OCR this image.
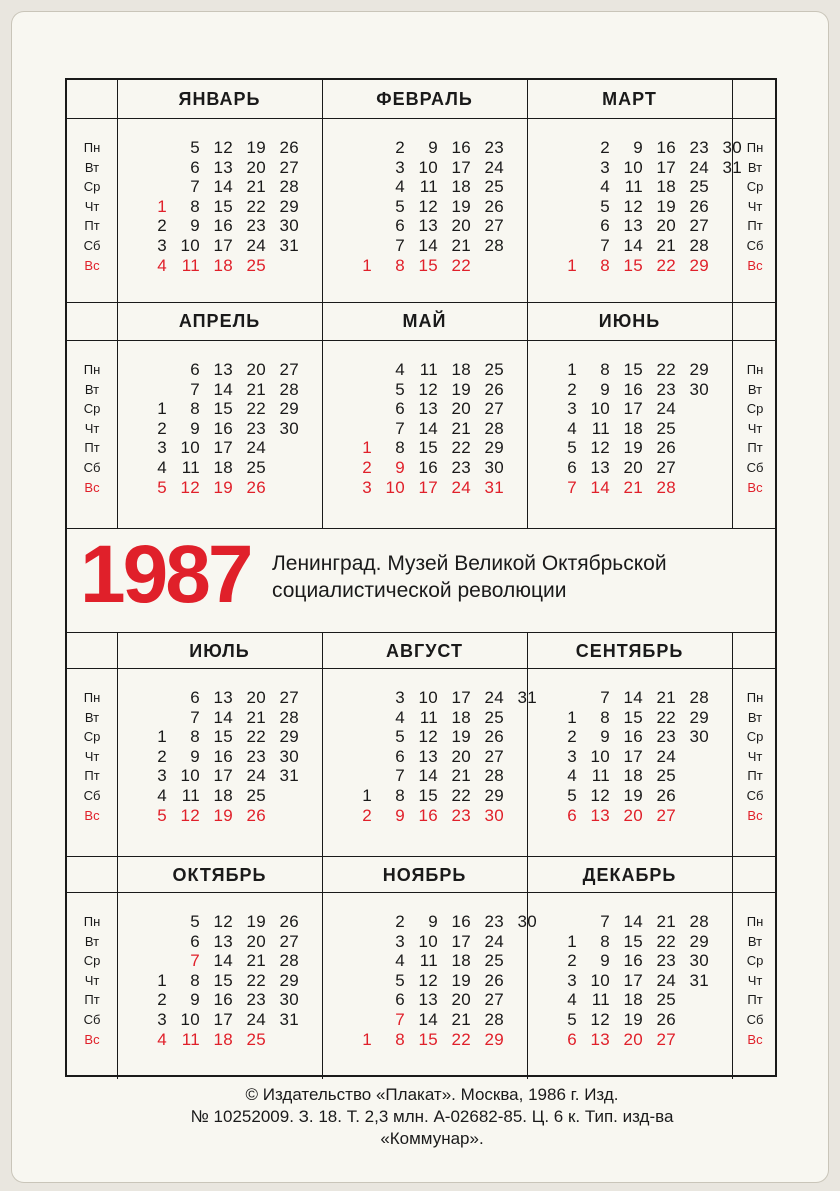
ЯНВАРЬ
1
2
3
4
5
6
7
8
9
10
11
12
13
14
15
16
17
18
19
20
21
22
23
24
25
26
27
28
29
30
31
ФЕВРАЛЬ
1
2
3
4
5
6
7
8
9
10
11
12
13
14
15
16
17
18
19
20
21
22
23
24
25
26
27
28
МАРТ
1
2
3
4
5
6
7
8
9
10
11
12
13
14
15
16
17
18
19
20
21
22
23
24
25
26
27
28
29
30
31
АПРЕЛЬ
1
2
3
4
5
6
7
8
9
10
11
12
13
14
15
16
17
18
19
20
21
22
23
24
25
26
27
28
29
30
МАЙ
1
2
3
4
5
6
7
8
9
10
11
12
13
14
15
16
17
18
19
20
21
22
23
24
25
26
27
28
29
30
31
ИЮНЬ
1
2
3
4
5
6
7
8
9
10
11
12
13
14
15
16
17
18
19
20
21
22
23
24
25
26
27
28
29
30
ИЮЛЬ
1
2
3
4
5
6
7
8
9
10
11
12
13
14
15
16
17
18
19
20
21
22
23
24
25
26
27
28
29
30
31
АВГУСТ
1
2
3
4
5
6
7
8
9
10
11
12
13
14
15
16
17
18
19
20
21
22
23
24
25
26
27
28
29
30
31
СЕНТЯБРЬ
1
2
3
4
5
6
7
8
9
10
11
12
13
14
15
16
17
18
19
20
21
22
23
24
25
26
27
28
29
30
ОКТЯБРЬ
1
2
3
4
5
6
7
8
9
10
11
12
13
14
15
16
17
18
19
20
21
22
23
24
25
26
27
28
29
30
31
НОЯБРЬ
1
2
3
4
5
6
7
8
9
10
11
12
13
14
15
16
17
18
19
20
21
22
23
24
25
26
27
28
29
30
ДЕКАБРЬ
1
2
3
4
5
6
7
8
9
10
11
12
13
14
15
16
17
18
19
20
21
22
23
24
25
26
27
28
29
30
31
Пн
Вт
Ср
Чт
Пт
Сб
Вс
Пн
Вт
Ср
Чт
Пт
Сб
Вс
Пн
Вт
Ср
Чт
Пт
Сб
Вс
Пн
Вт
Ср
Чт
Пт
Сб
Вс
Пн
Вт
Ср
Чт
Пт
Сб
Вс
Пн
Вт
Ср
Чт
Пт
Сб
Вс
Пн
Вт
Ср
Чт
Пт
Сб
Вс
Пн
Вт
Ср
Чт
Пт
Сб
Вс
1987 Ленинград. Музей Великой Октябрьской
социалистической революции
© Издательство «Плакат». Москва, 1986 г. Изд.
№ 10252009. З. 18. Т. 2,3 млн. А-02682-85. Ц. 6 к. Тип. изд-ва
«Коммунар».
